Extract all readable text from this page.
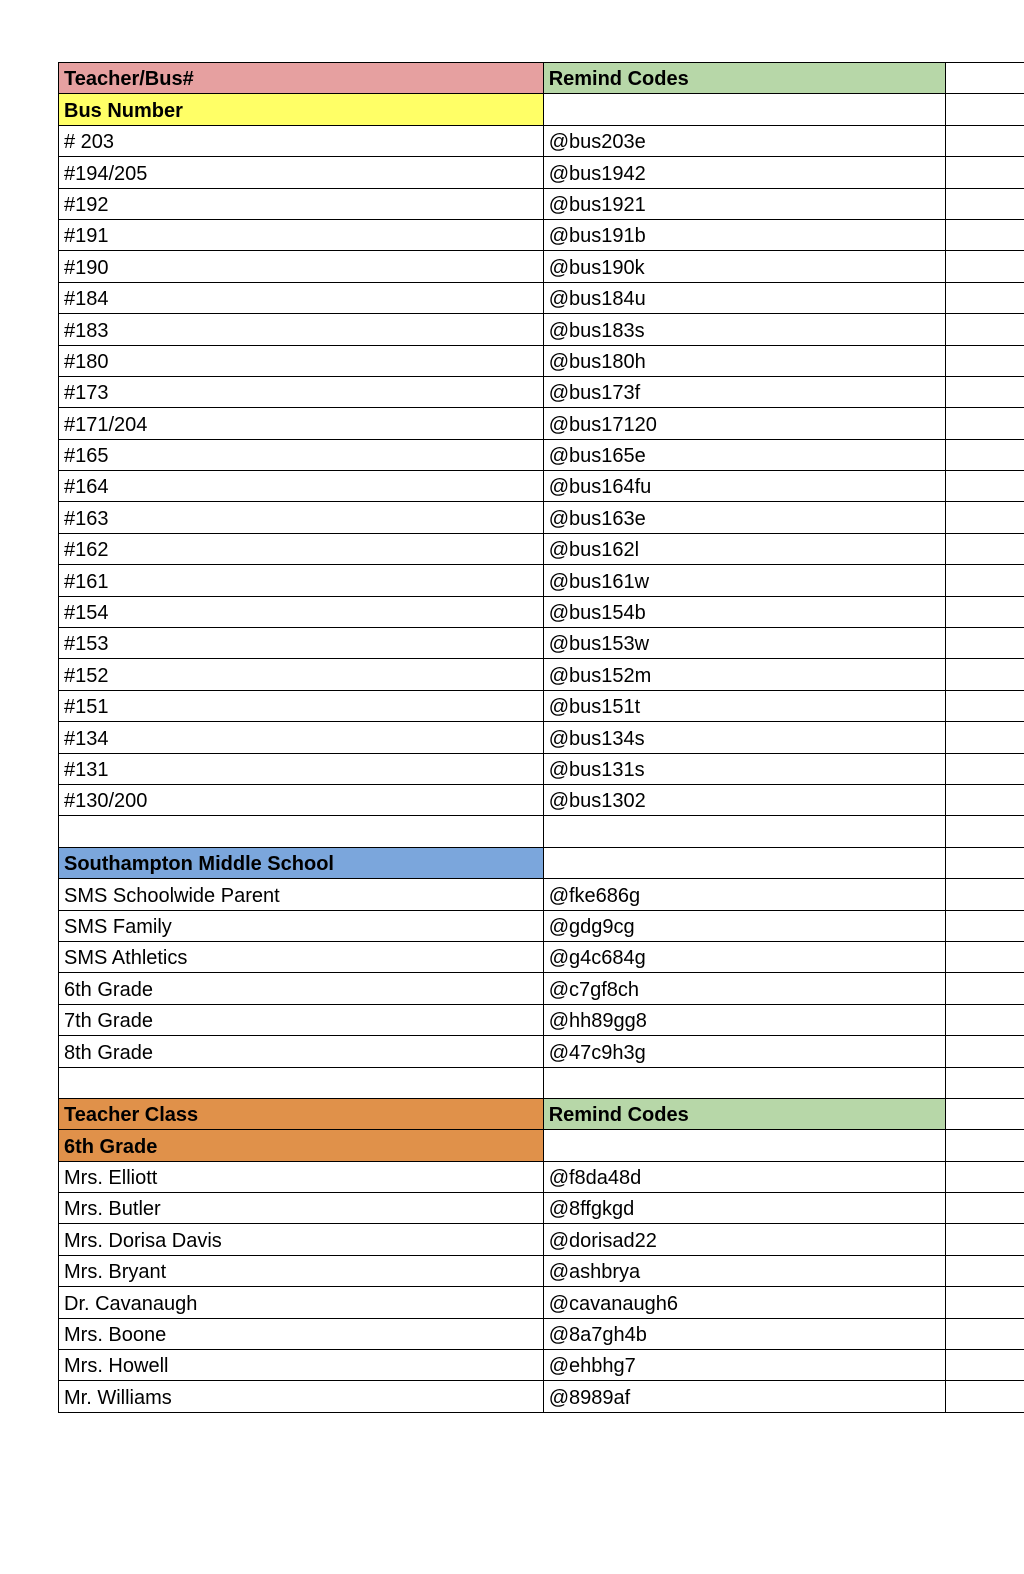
Teacher/Bus#	Remind Codes	
Bus Number		
# 203	@bus203e	
#194/205	@bus1942	
#192	@bus1921	
#191	@bus191b	
#190	@bus190k	
#184	@bus184u	
#183	@bus183s	
#180	@bus180h	
#173	@bus173f	
#171/204	@bus17120	
#165	@bus165e	
#164	@bus164fu	
#163	@bus163e	
#162	@bus162l	
#161	@bus161w	
#154	@bus154b	
#153	@bus153w	
#152	@bus152m	
#151	@bus151t	
#134	@bus134s	
#131	@bus131s	
#130/200	@bus1302	

Southampton Middle School		
SMS Schoolwide Parent	@fke686g	
SMS Family	@gdg9cg	
SMS Athletics	@g4c684g	
6th Grade	@c7gf8ch	
7th Grade	@hh89gg8	
8th Grade	@47c9h3g	

Teacher Class	Remind Codes	
6th Grade		
Mrs. Elliott	@f8da48d	
Mrs. Butler	@8ffgkgd	
Mrs. Dorisa Davis	@dorisad22	
Mrs. Bryant	@ashbrya	
Dr. Cavanaugh	@cavanaugh6	
Mrs. Boone	@8a7gh4b	
Mrs. Howell	@ehbhg7	
Mr. Williams	@8989af	
